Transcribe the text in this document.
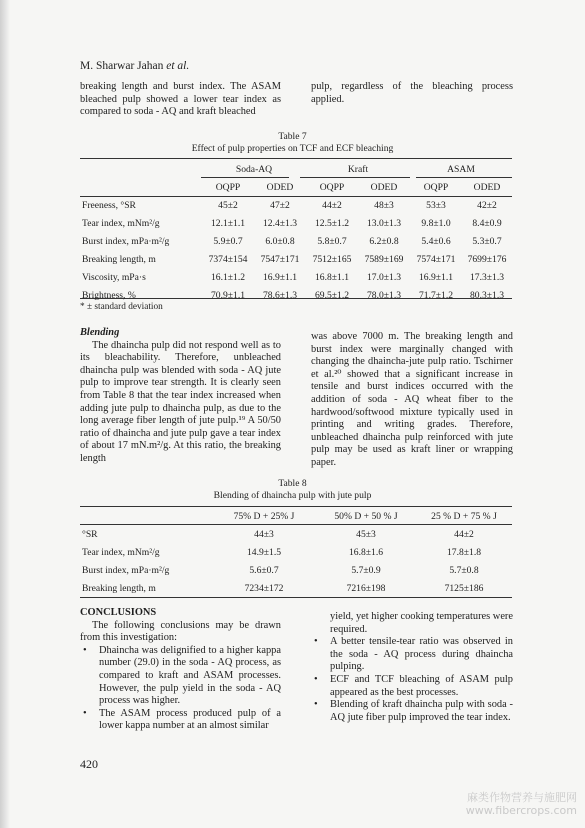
M. Sharwar Jahan et al.

breaking length and burst index. The ASAM bleached pulp showed a lower tear index as compared to soda - AQ and kraft bleached

pulp, regardless of the bleaching process applied.

Table 7
Effect of pulp properties on TCF and ECF bleaching
	Soda-AQ		Kraft		ASAM	
	OQPP	ODED	OQPP	ODED	OQPP	ODED
Freeness, °SR	45±2	47±2	44±2	48±3	53±3	42±2
Tear index, mNm²/g	12.1±1.1	12.4±1.3	12.5±1.2	13.0±1.3	9.8±1.0	8.4±0.9
Burst index, mPa·m²/g	5.9±0.7	6.0±0.8	5.8±0.7	6.2±0.8	5.4±0.6	5.3±0.7
Breaking length, m	7374±154	7547±171	7512±165	7589±169	7574±171	7699±176
Viscosity, mPa·s	16.1±1.2	16.9±1.1	16.8±1.1	17.0±1.3	16.9±1.1	17.3±1.3
Brightness, %	70.9±1.1	78.6±1.3	69.5±1.2	78.0±1.3	71.7±1.2	80.3±1.3
* ± standard deviation

Blending

The dhaincha pulp did not respond well as to its bleachability. Therefore, unbleached dhaincha pulp was blended with soda - AQ jute pulp to improve tear strength. It is clearly seen from Table 8 that the tear index increased when adding jute pulp to dhaincha pulp, as due to the long average fiber length of jute pulp.¹⁹ A 50/50 ratio of dhaincha and jute pulp gave a tear index of about 17 mN.m²/g. At this ratio, the breaking length

was above 7000 m. The breaking length and burst index were marginally changed with changing the dhaincha-jute pulp ratio. Tschirner et al.²⁰ showed that a significant increase in tensile and burst indices occurred with the addition of soda - AQ wheat fiber to the hardwood/softwood mixture typically used in printing and writing grades. Therefore, unbleached dhaincha pulp reinforced with jute pulp may be used as kraft liner or wrapping paper.

Table 8
Blending of dhaincha pulp with jute pulp
	75% D + 25% J	50% D + 50 % J	25 % D + 75 % J
°SR	44±3	45±3	44±2
Tear index, mNm²/g	14.9±1.5	16.8±1.6	17.8±1.8
Burst index, mPa·m²/g	5.6±0.7	5.7±0.9	5.7±0.8
Breaking length, m	7234±172	7216±198	7125±186

CONCLUSIONS

The following conclusions may be drawn from this investigation:

• Dhaincha was delignified to a higher kappa number (29.0) in the soda - AQ process, as compared to kraft and ASAM processes. However, the pulp yield in the soda - AQ process was higher.
• The ASAM process produced pulp of a lower kappa number at an almost similar

yield, yet higher cooking temperatures were required.

• A better tensile-tear ratio was observed in the soda - AQ process during dhaincha pulping.
• ECF and TCF bleaching of ASAM pulp appeared as the best processes.
• Blending of kraft dhaincha pulp with soda - AQ jute fiber pulp improved the tear index.
420
麻类作物营养与施肥网
www.fibercrops.com
